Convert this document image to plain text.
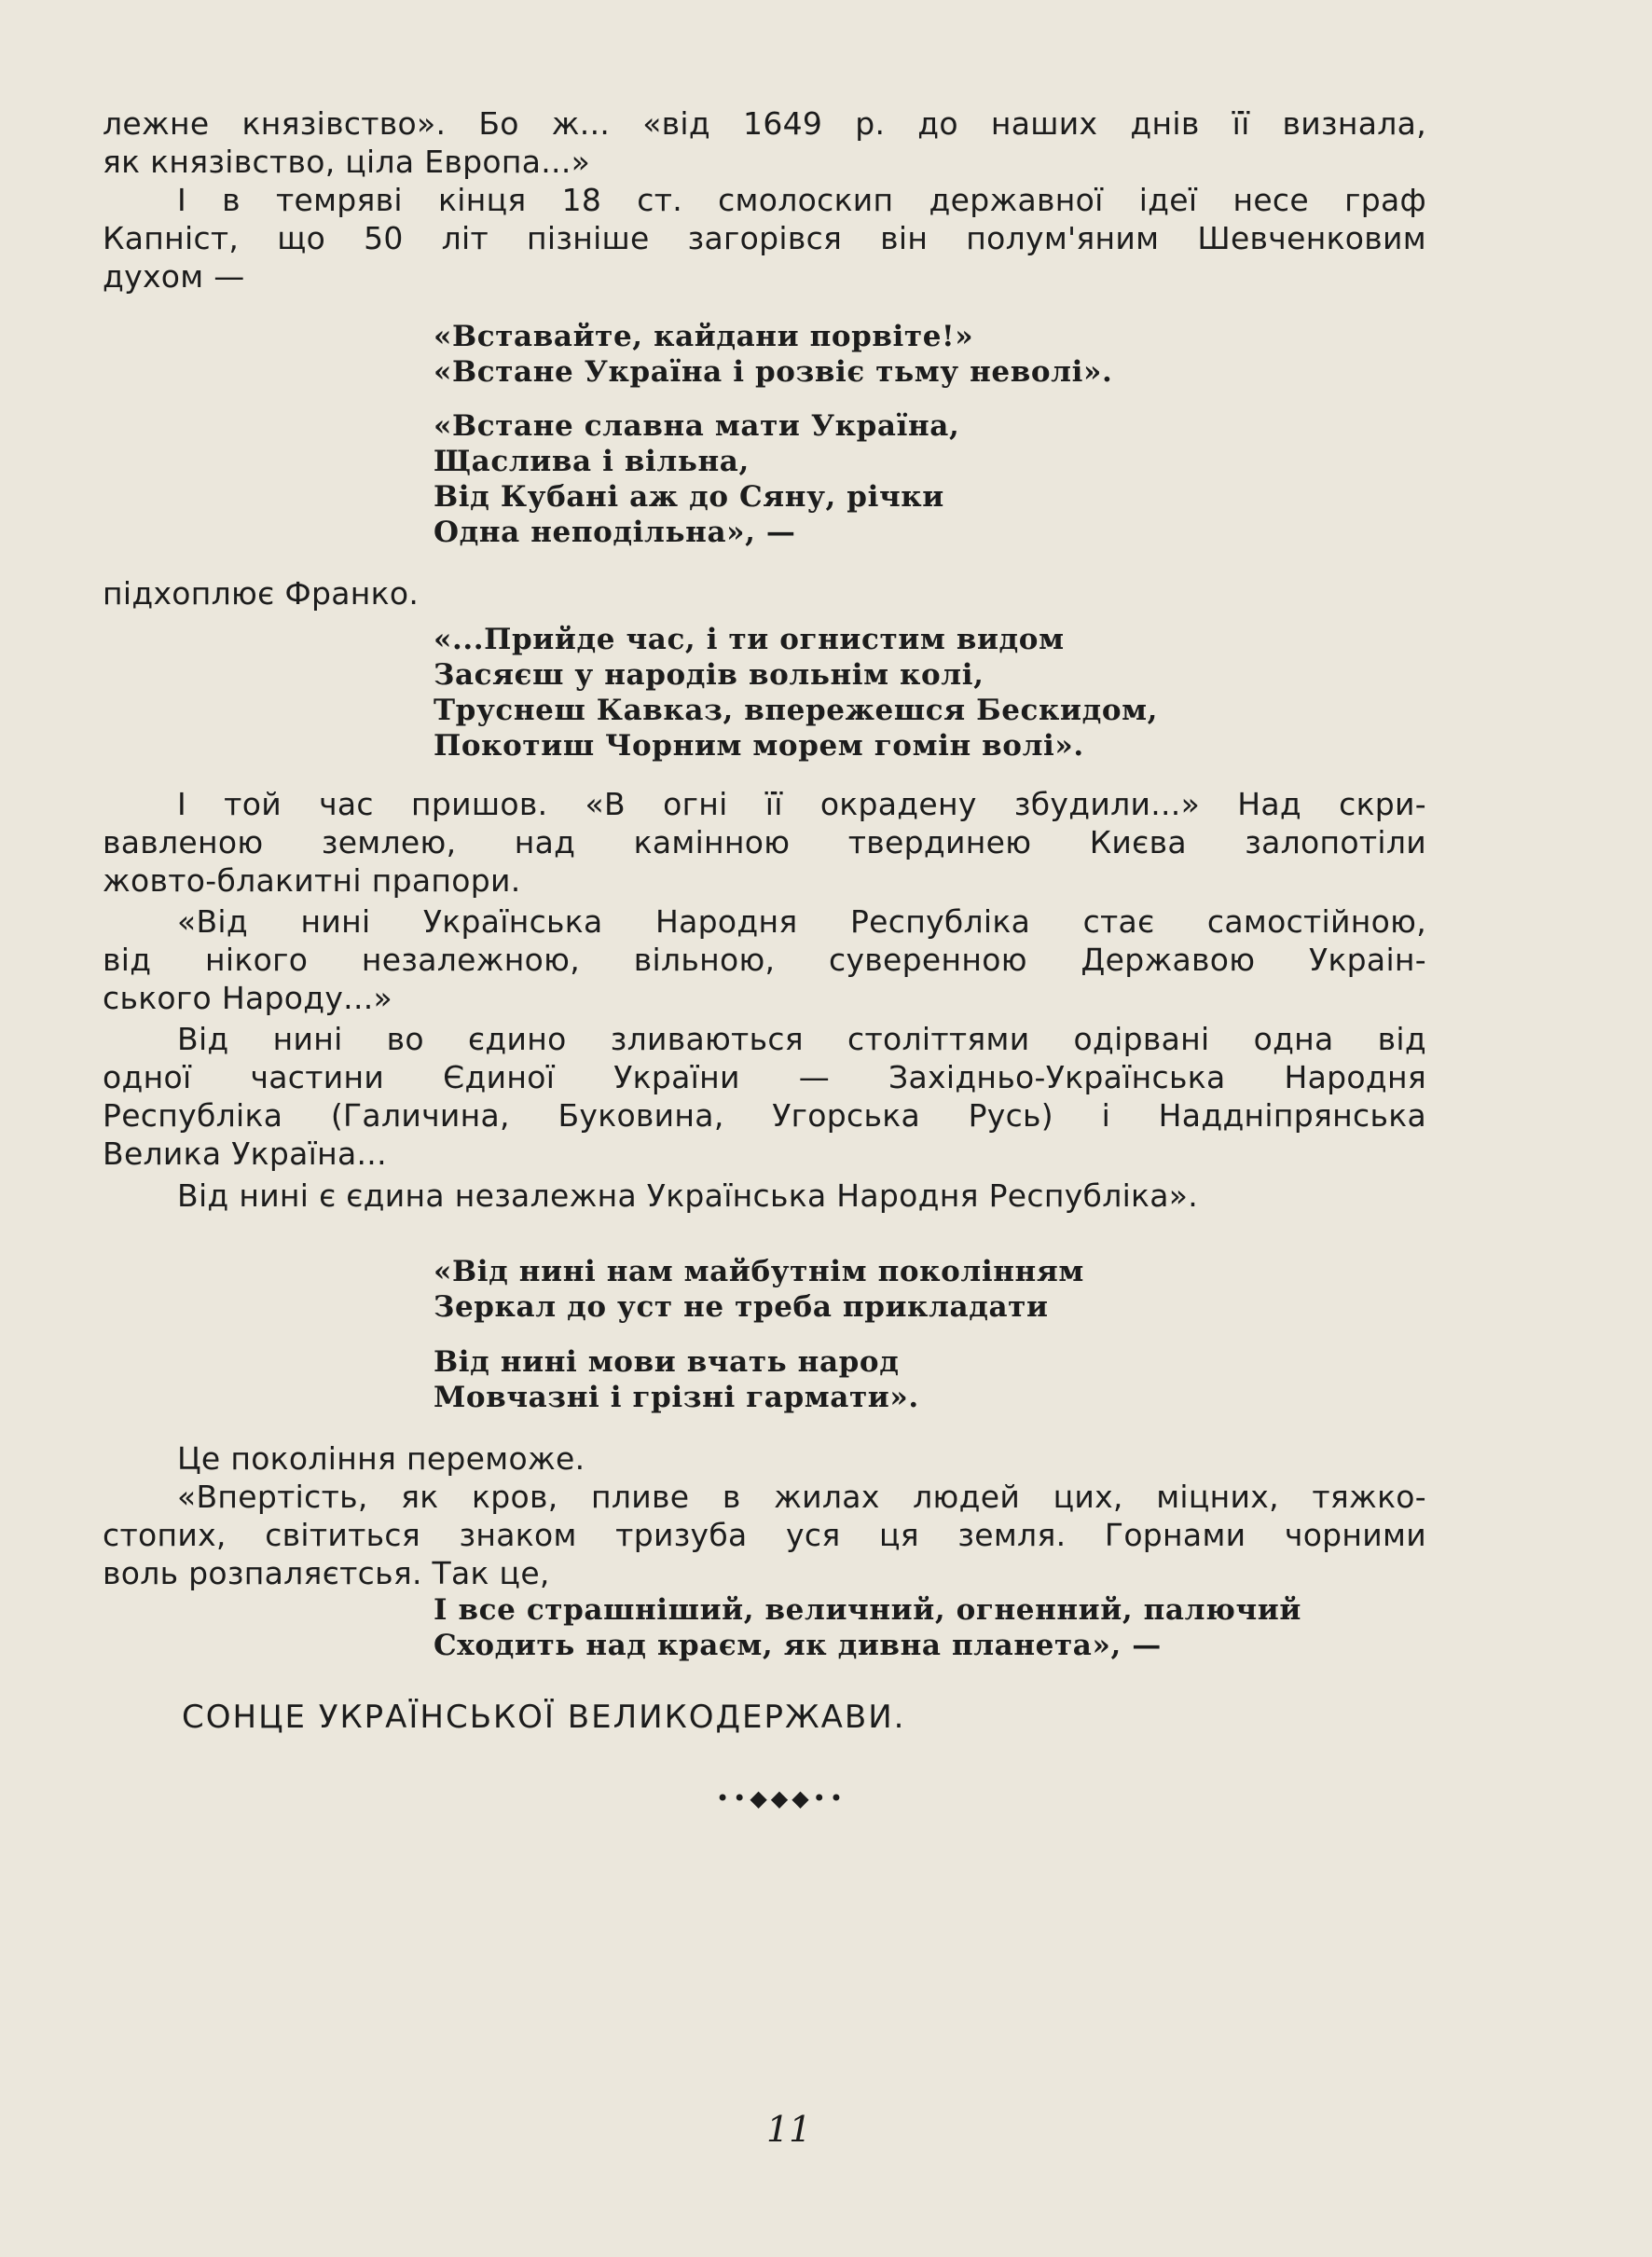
лежне князівство». Бо ж... «від 1649 р. до наших днів її визнала,
як князівство, ціла Европа...»
І в темряві кінця 18 ст. смолоскип державної ідеї несе граф
Капніст, що 50 літ пізніше загорівся він полум'яним Шевченковим
духом —
«Вставайте, кайдани порвіте!»
«Встане Україна і розвіє тьму неволі».
«Встане славна мати Україна,
Щаслива і вільна,
Від Кубані аж до Сяну, річки
Одна неподільна», —
підхоплює Франко.
«...Прийде час, і ти огнистим видом
Засяєш у народів вольнім колі,
Труснеш Кавказ, впережешся Бескидом,
Покотиш Чорним морем гомін волі».
І той час пришов. «В огні її окрадену збудили...» Над скри-
вавленою землею, над камінною твердинею Києва залопотіли
жовто-блакитні прапори.
«Від нині Українська Народня Республіка стає самостійною,
від нікого незалежною, вільною, суверенною Державою Украін-
ського Народу...»
Від нині во єдино зливаються століттями одірвані одна від
одної частини Єдиної України — Західньо-Українська Народня
Республіка (Галичина, Буковина, Угорська Русь) і Наддніпрянська
Велика Україна...
Від нині є єдина незалежна Українська Народня Республіка».
«Від нині нам майбутнім поколінням
Зеркал до уст не треба прикладати
Від нині мови вчать народ
Мовчазні і грізні гармати».
Це покоління переможе.
«Впертість, як кров, пливе в жилах людей цих, міцних, тяжко-
стопих, світиться знаком тризуба уся ця земля. Горнами чорними
воль розпаляєтсья. Так це,
І все страшніший, величний, огненний, палючий
Сходить над краєм, як дивна планета», —
СОНЦЕ УКРАЇНСЬКОЇ ВЕЛИКОДЕРЖАВИ.
••◆◆◆••
11
